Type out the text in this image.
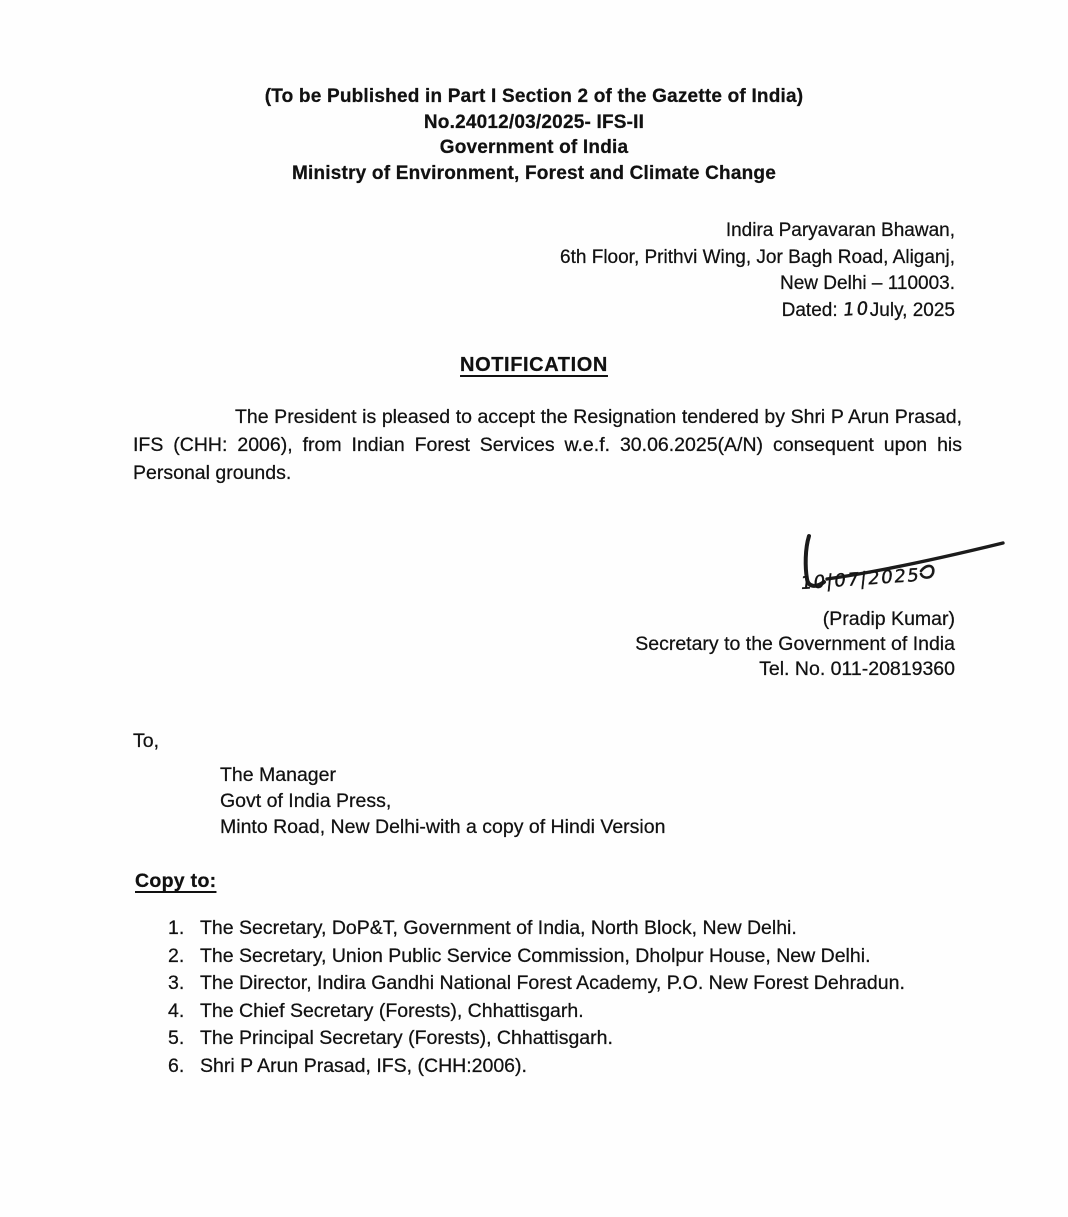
(To be Published in Part I Section 2 of the Gazette of India)
No.24012/03/2025- IFS-II
Government of India
Ministry of Environment, Forest and Climate Change
Indira Paryavaran Bhawan,
6th Floor, Prithvi Wing, Jor Bagh Road, Aliganj,
New Delhi – 110003.
Dated: 10July, 2025
NOTIFICATION

The President is pleased to accept the Resignation tendered by Shri P Arun Prasad, IFS (CHH: 2006), from Indian Forest Services w.e.f. 30.06.2025(A/N) consequent upon his Personal grounds.

10|07|2025
(Pradip Kumar)
Secretary to the Government of India
Tel. No. 011-20819360
To,
The Manager
Govt of India Press,
Minto Road, New Delhi-with a copy of Hindi Version
Copy to:
The Secretary, DoP&T, Government of India, North Block, New Delhi.
The Secretary, Union Public Service Commission, Dholpur House, New Delhi.
The Director, Indira Gandhi National Forest Academy, P.O. New Forest Dehradun.
The Chief Secretary (Forests), Chhattisgarh.
The Principal Secretary (Forests), Chhattisgarh.
Shri P Arun Prasad, IFS, (CHH:2006).
